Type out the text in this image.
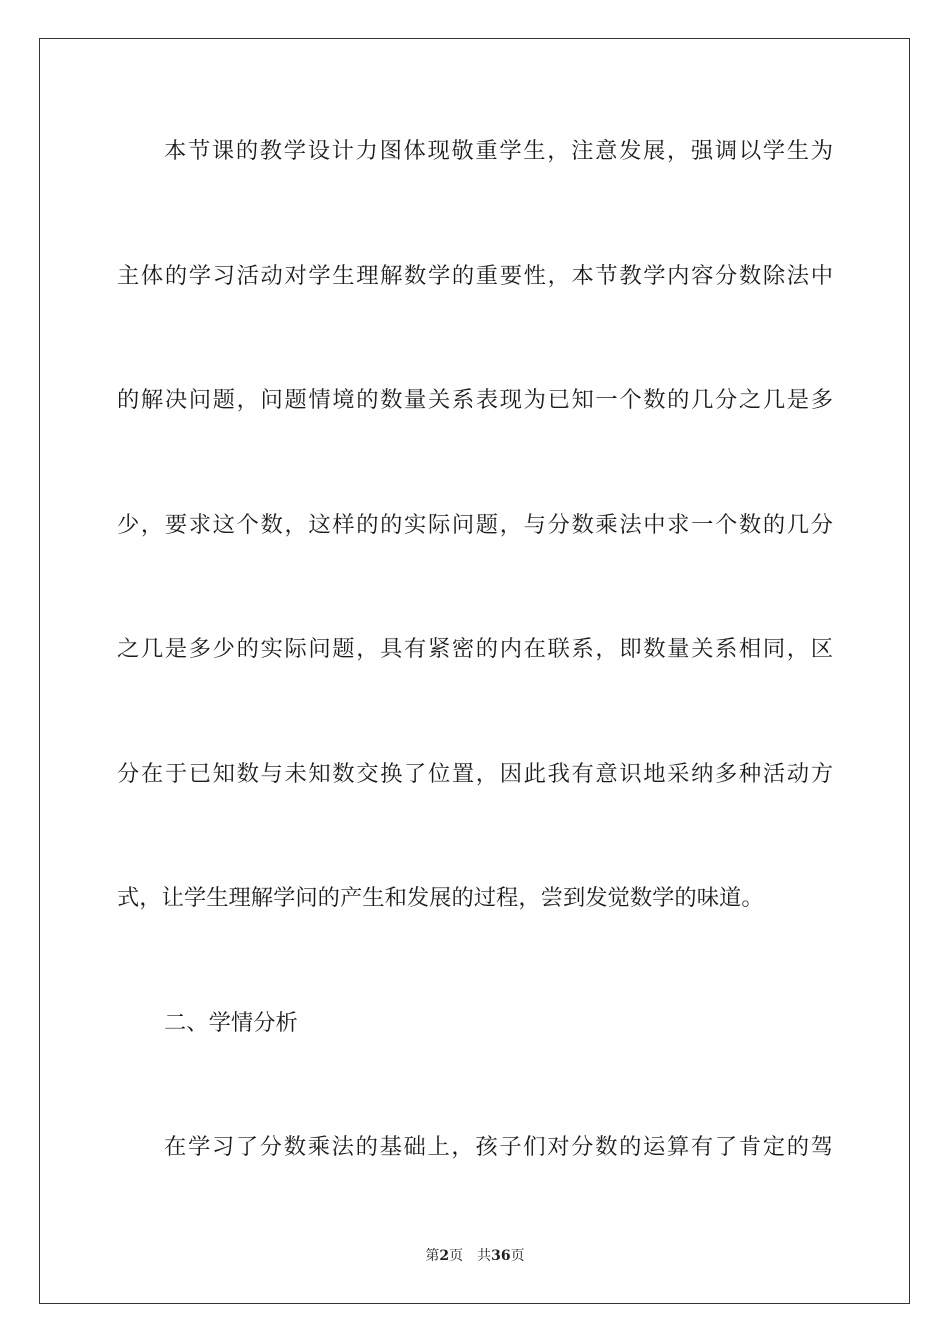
本节课的教学设计力图体现敬重学生，注意发展，强调以学生为
主体的学习活动对学生理解数学的重要性，本节教学内容分数除法中
的解决问题，问题情境的数量关系表现为已知一个数的几分之几是多
少，要求这个数，这样的的实际问题，与分数乘法中求一个数的几分
之几是多少的实际问题，具有紧密的内在联系，即数量关系相同，区
分在于已知数与未知数交换了位置，因此我有意识地采纳多种活动方
式，让学生理解学问的产生和发展的过程，尝到发觉数学的味道。
二、学情分析
在学习了分数乘法的基础上，孩子们对分数的运算有了肯定的驾
第2页 共36页
